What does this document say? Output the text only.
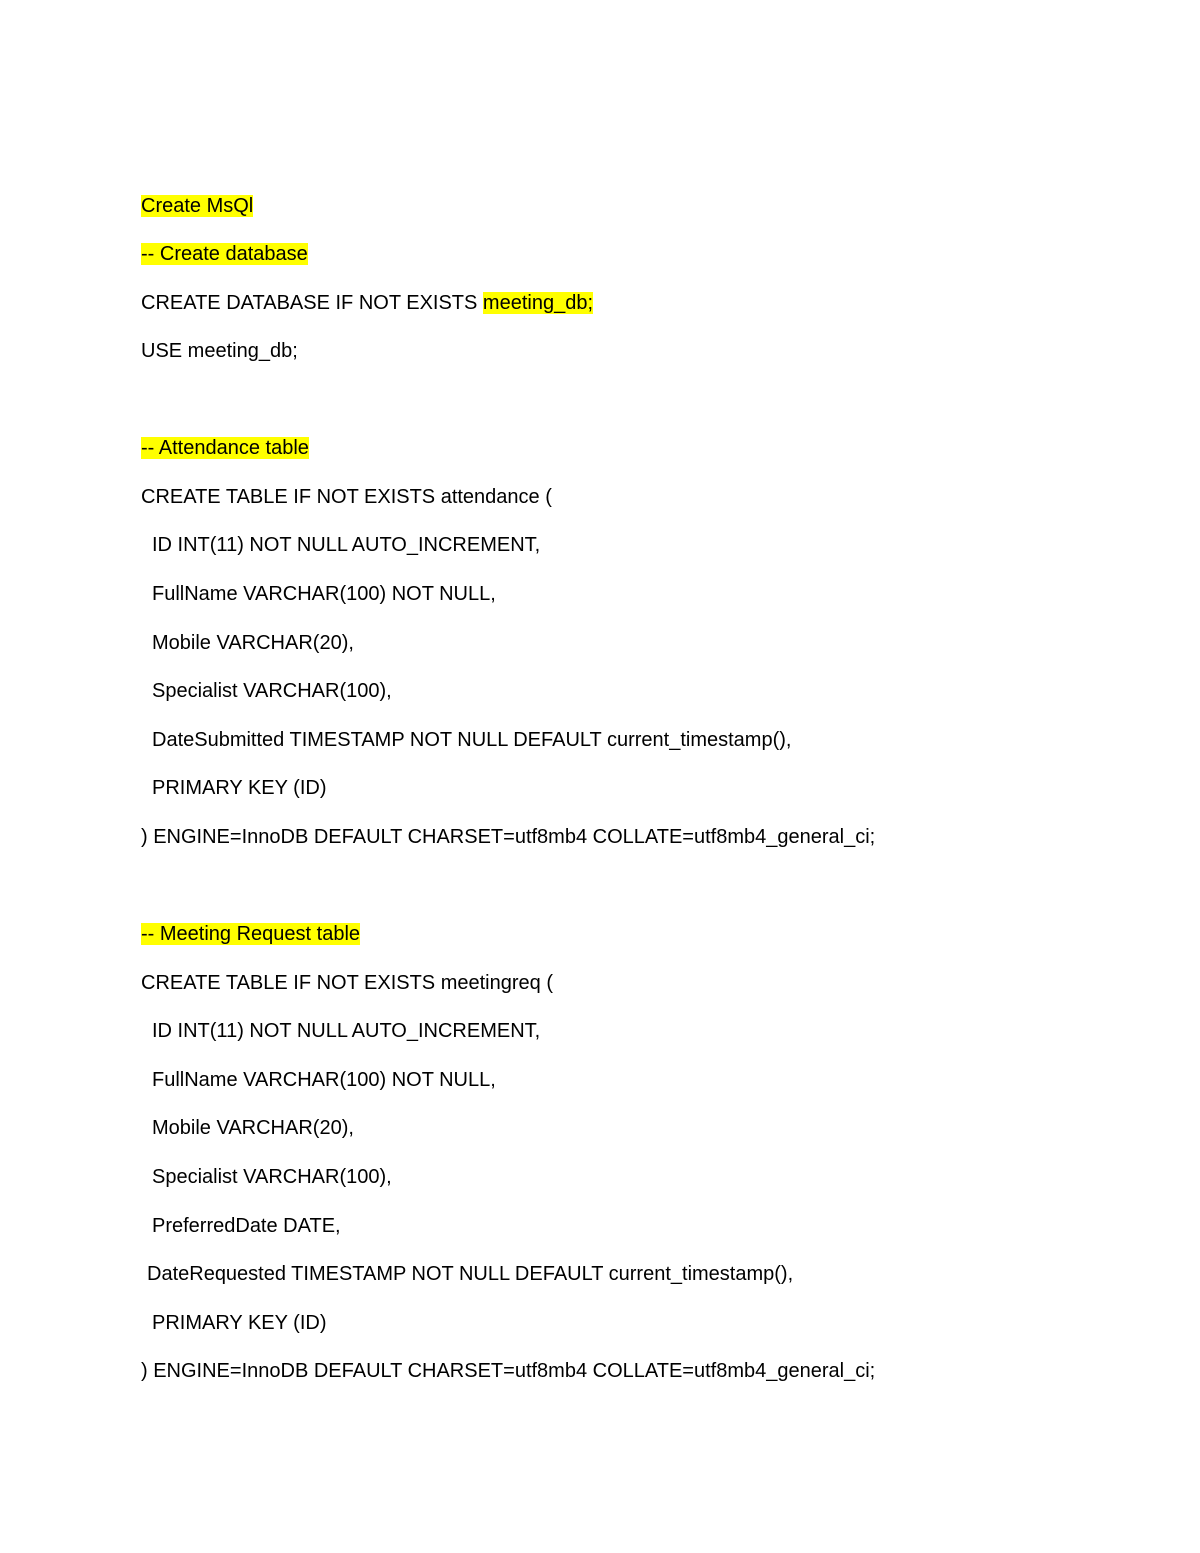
Create MsQl
-- Create database
CREATE DATABASE IF NOT EXISTS meeting_db;
USE meeting_db;
-- Attendance table
CREATE TABLE IF NOT EXISTS attendance (
ID INT(11) NOT NULL AUTO_INCREMENT,
FullName VARCHAR(100) NOT NULL,
Mobile VARCHAR(20),
Specialist VARCHAR(100),
DateSubmitted TIMESTAMP NOT NULL DEFAULT current_timestamp(),
PRIMARY KEY (ID)
) ENGINE=InnoDB DEFAULT CHARSET=utf8mb4 COLLATE=utf8mb4_general_ci;
-- Meeting Request table
CREATE TABLE IF NOT EXISTS meetingreq (
ID INT(11) NOT NULL AUTO_INCREMENT,
FullName VARCHAR(100) NOT NULL,
Mobile VARCHAR(20),
Specialist VARCHAR(100),
PreferredDate DATE,
DateRequested TIMESTAMP NOT NULL DEFAULT current_timestamp(),
PRIMARY KEY (ID)
) ENGINE=InnoDB DEFAULT CHARSET=utf8mb4 COLLATE=utf8mb4_general_ci;
